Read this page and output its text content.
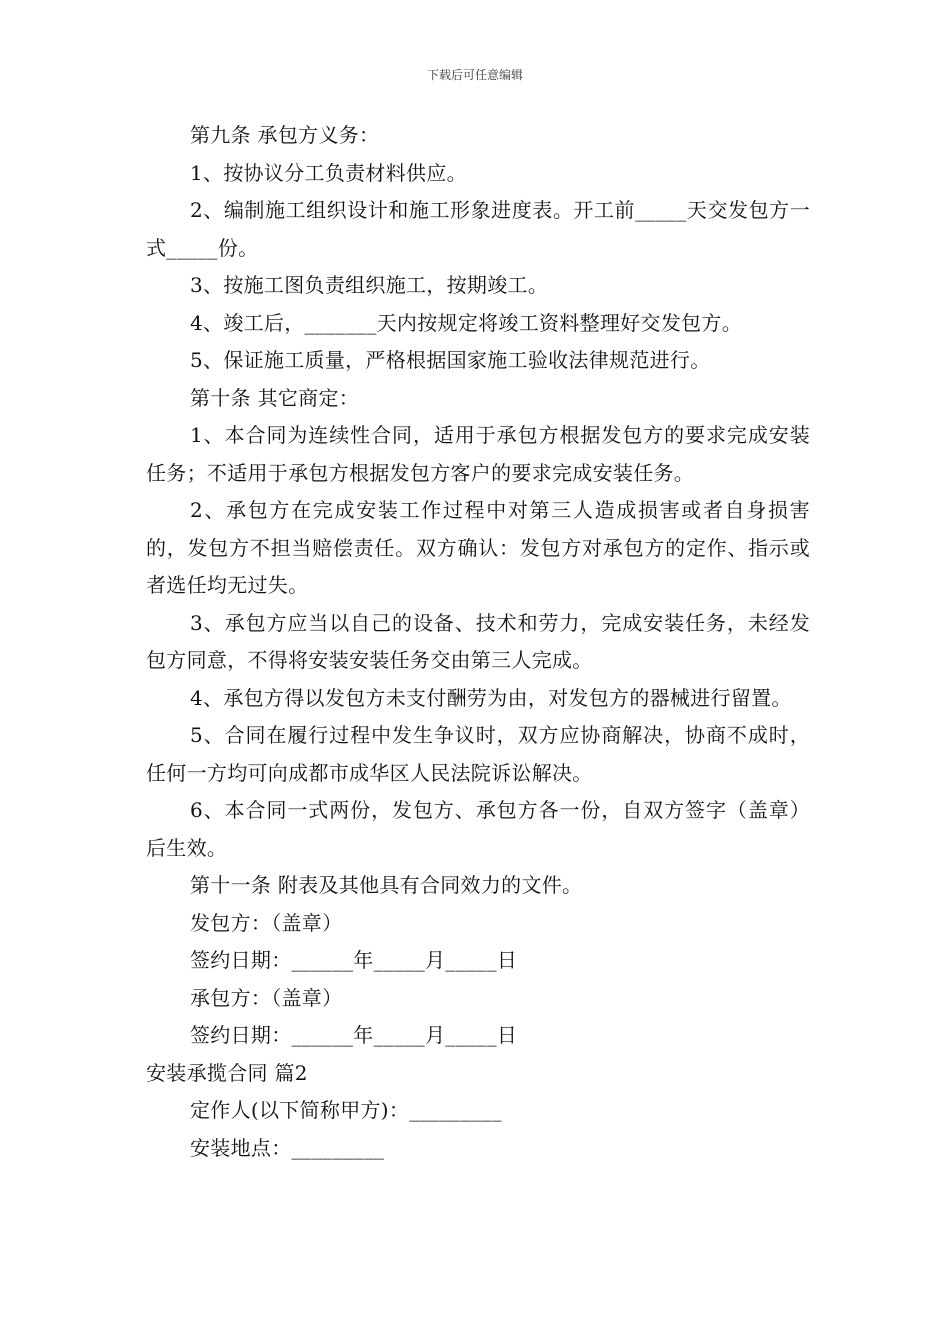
下载后可任意编辑

第九条 承包方义务：

1、按协议分工负责材料供应。

2、编制施工组织设计和施工形象进度表。开工前_____天交发包方一式_____份。

3、按施工图负责组织施工，按期竣工。

4、竣工后，_______天内按规定将竣工资料整理好交发包方。

5、保证施工质量，严格根据国家施工验收法律规范进行。

第十条 其它商定：

1、本合同为连续性合同，适用于承包方根据发包方的要求完成安装任务；不适用于承包方根据发包方客户的要求完成安装任务。

2、承包方在完成安装工作过程中对第三人造成损害或者自身损害的，发包方不担当赔偿责任。双方确认：发包方对承包方的定作、指示或者选任均无过失。

3、承包方应当以自己的设备、技术和劳力，完成安装任务，未经发包方同意，不得将安装安装任务交由第三人完成。

4、承包方得以发包方未支付酬劳为由，对发包方的器械进行留置。

5、合同在履行过程中发生争议时，双方应协商解决，协商不成时，任何一方均可向成都市成华区人民法院诉讼解决。

6、本合同一式两份，发包方、承包方各一份，自双方签字（盖章）后生效。

第十一条 附表及其他具有合同效力的文件。

发包方：（盖章）

签约日期：______年_____月_____日

承包方：（盖章）

签约日期：______年_____月_____日

安装承揽合同 篇2

定作人(以下简称甲方)：_________

安装地点：_________
